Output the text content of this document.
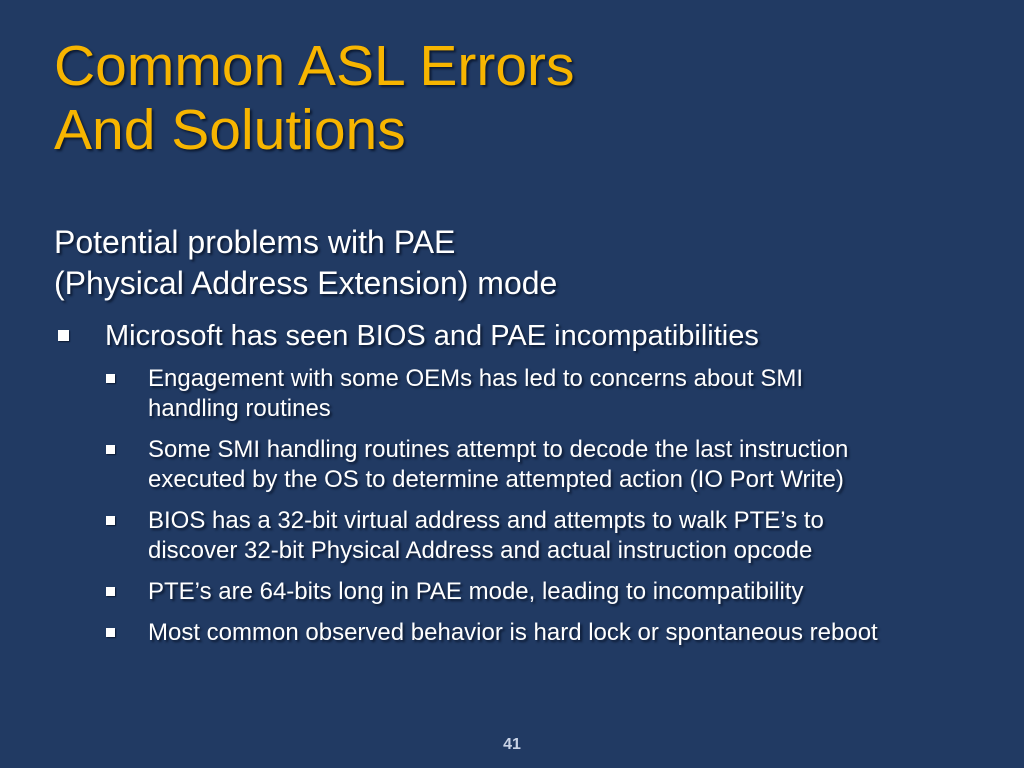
Common ASL Errors
And Solutions
Potential problems with PAE
(Physical Address Extension) mode
Microsoft has seen BIOS and PAE incompatibilities
Engagement with some OEMs has led to concerns about SMI
handling routines
Some SMI handling routines attempt to decode the last instruction
executed by the OS to determine attempted action (IO Port Write)
BIOS has a 32-bit virtual address and attempts to walk PTE’s to
discover 32-bit Physical Address and actual instruction opcode
PTE’s are 64-bits long in PAE mode, leading to incompatibility
Most common observed behavior is hard lock or spontaneous reboot
41
